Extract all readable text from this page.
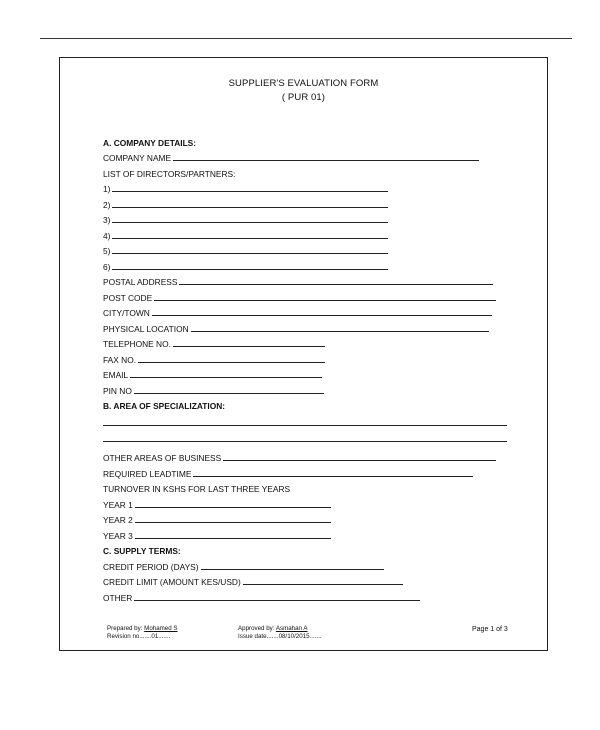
SUPPLIER'S EVALUATION FORM
( PUR 01)
A. COMPANY DETAILS:
COMPANY NAME
LIST OF DIRECTORS/PARTNERS:
1)
2)
3)
4)
5)
6)
POSTAL ADDRESS
POST CODE
CITY/TOWN
PHYSICAL LOCATION
TELEPHONE NO.
FAX NO.
EMAIL
PIN NO
B. AREA OF SPECIALIZATION:
OTHER AREAS OF BUSINESS
REQUIRED LEADTIME
TURNOVER IN KSHS FOR LAST THREE YEARS
YEAR 1
YEAR 2
YEAR 3
C. SUPPLY TERMS:
CREDIT PERIOD (DAYS)
CREDIT LIMIT (AMOUNT KES/USD)
OTHER
Prepared by: Mohamed S
Revision no.......01.......
Approved by: Asmahan A
Issue date.......08/10/2015.......
Page 1 of 3
